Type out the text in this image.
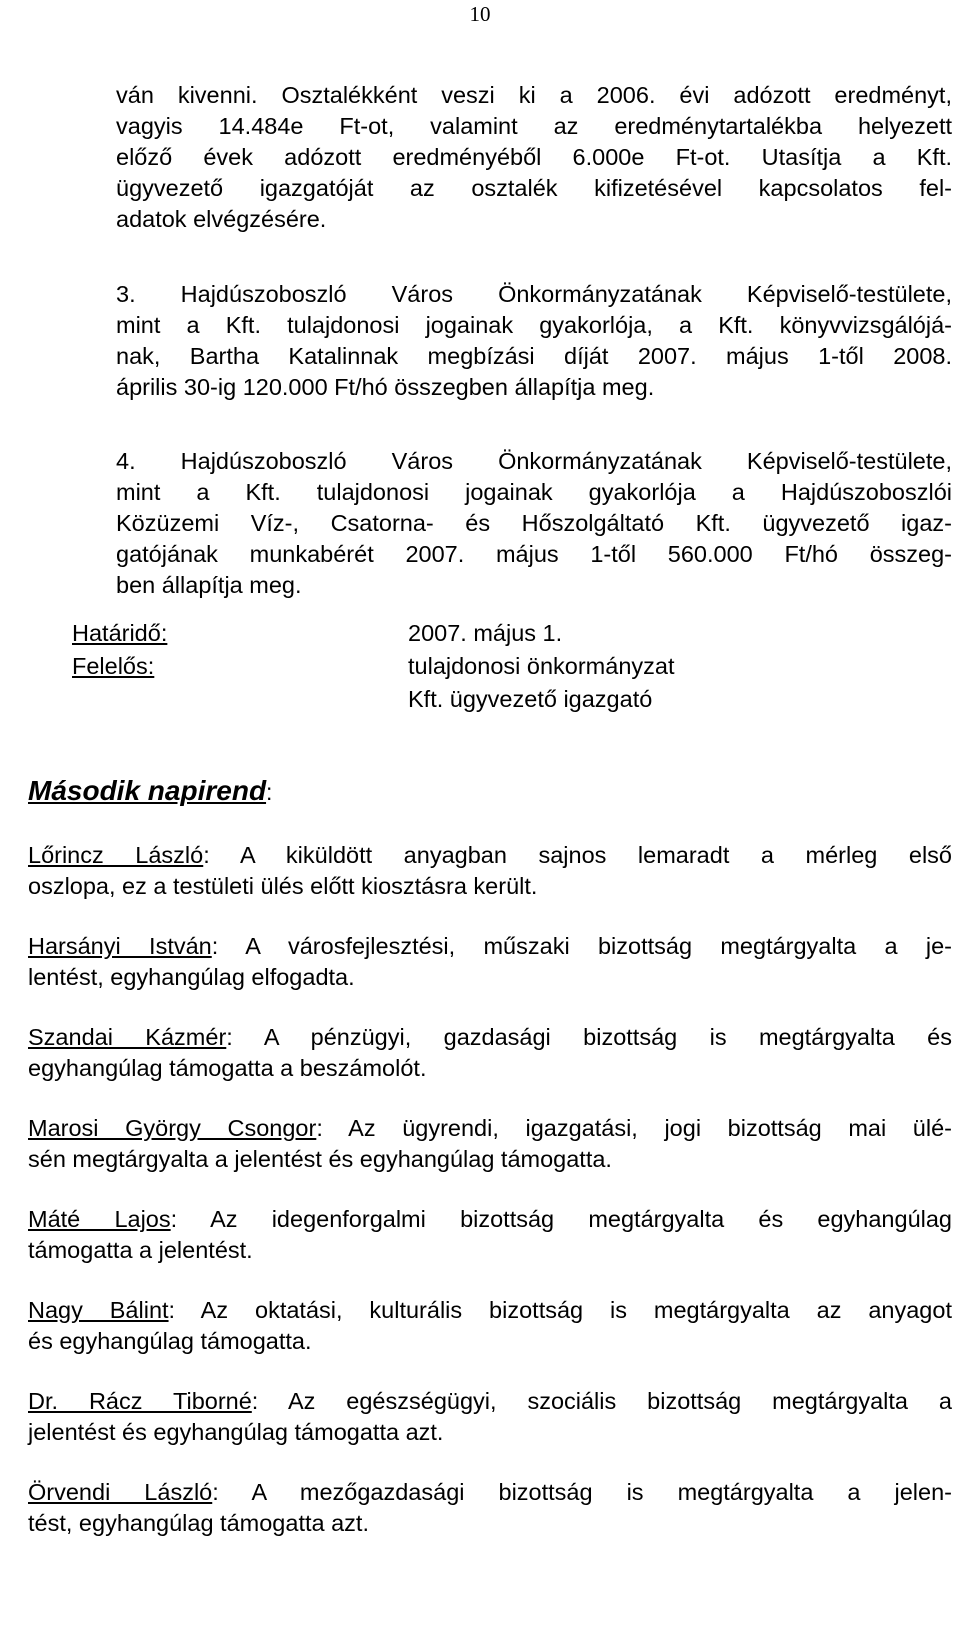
10
ván kivenni. Osztalékként veszi ki a 2006. évi adózott eredményt,
vagyis 14.484e Ft-ot, valamint az eredménytartalékba helyezett
előző évek adózott eredményéből 6.000e Ft-ot. Utasítja a Kft.
ügyvezető igazgatóját az osztalék kifizetésével kapcsolatos fel-
adatok elvégzésére.
3. Hajdúszoboszló Város Önkormányzatának Képviselő-testülete,
mint a Kft. tulajdonosi jogainak gyakorlója, a Kft. könyvvizsgálójá-
nak, Bartha Katalinnak megbízási díját 2007. május 1-től 2008.
április 30-ig 120.000 Ft/hó összegben állapítja meg.
4. Hajdúszoboszló Város Önkormányzatának Képviselő-testülete,
mint a Kft. tulajdonosi jogainak gyakorlója a Hajdúszoboszlói
Közüzemi Víz-, Csatorna- és Hőszolgáltató Kft. ügyvezető igaz-
gatójának munkabérét 2007. május 1-től 560.000 Ft/hó összeg-
ben állapítja meg.
Határidő:	2007. május 1.
Felelős:	tulajdonosi önkormányzat
Kft. ügyvezető igazgató
Második napirend:
Lőrincz László: A kiküldött anyagban sajnos lemaradt a mérleg első
oszlopa, ez a testületi ülés előtt kiosztásra került.
Harsányi István: A városfejlesztési, műszaki bizottság megtárgyalta a je-
lentést, egyhangúlag elfogadta.
Szandai Kázmér: A pénzügyi, gazdasági bizottság is megtárgyalta és
egyhangúlag támogatta a beszámolót.
Marosi György Csongor: Az ügyrendi, igazgatási, jogi bizottság mai ülé-
sén megtárgyalta a jelentést és egyhangúlag támogatta.
Máté Lajos: Az idegenforgalmi bizottság megtárgyalta és egyhangúlag
támogatta a jelentést.
Nagy Bálint: Az oktatási, kulturális bizottság is megtárgyalta az anyagot
és egyhangúlag támogatta.
Dr. Rácz Tiborné: Az egészségügyi, szociális bizottság megtárgyalta a
jelentést és egyhangúlag támogatta azt.
Örvendi László: A mezőgazdasági bizottság is megtárgyalta a jelen-
tést, egyhangúlag támogatta azt.
